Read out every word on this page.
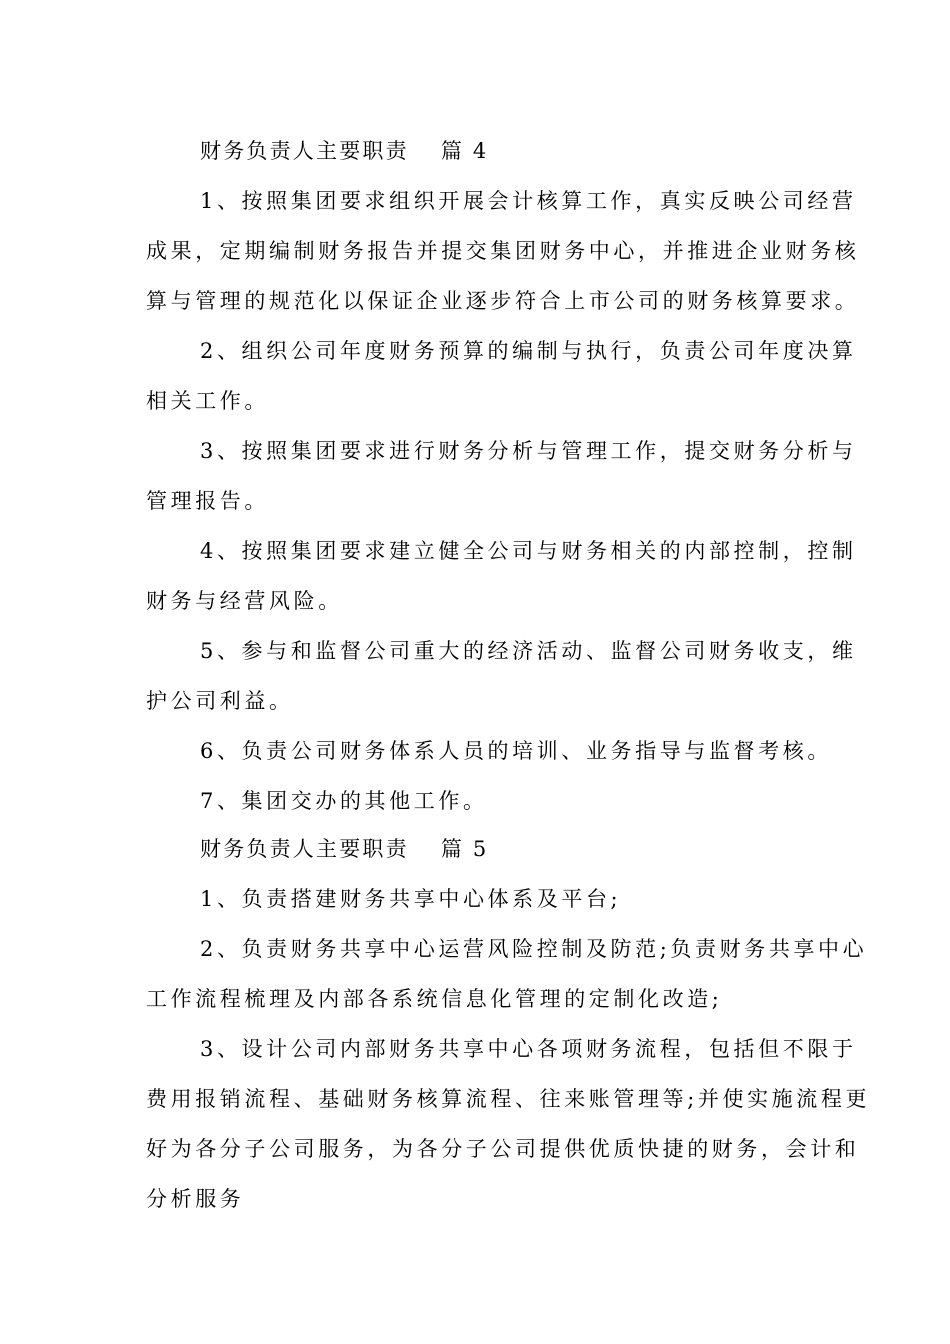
财务负责人主要职责 篇 4
1、按照集团要求组织开展会计核算工作，真实反映公司经营
成果，定期编制财务报告并提交集团财务中心，并推进企业财务核
算与管理的规范化以保证企业逐步符合上市公司的财务核算要求。
2、组织公司年度财务预算的编制与执行，负责公司年度决算
相关工作。
3、按照集团要求进行财务分析与管理工作，提交财务分析与
管理报告。
4、按照集团要求建立健全公司与财务相关的内部控制，控制
财务与经营风险。
5、参与和监督公司重大的经济活动、监督公司财务收支，维
护公司利益。
6、负责公司财务体系人员的培训、业务指导与监督考核。
7、集团交办的其他工作。
财务负责人主要职责 篇 5
1、负责搭建财务共享中心体系及平台;
2、负责财务共享中心运营风险控制及防范;负责财务共享中心
工作流程梳理及内部各系统信息化管理的定制化改造;
3、设计公司内部财务共享中心各项财务流程，包括但不限于
费用报销流程、基础财务核算流程、往来账管理等;并使实施流程更
好为各分子公司服务，为各分子公司提供优质快捷的财务，会计和
分析服务
